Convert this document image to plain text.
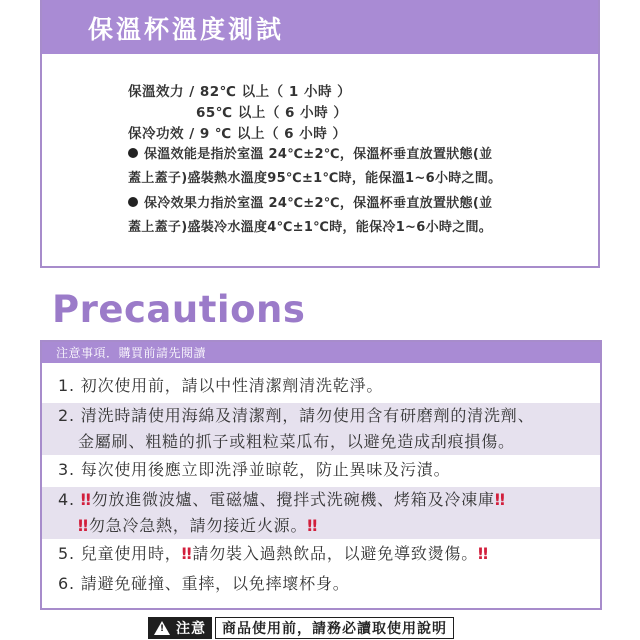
保溫杯溫度測試
保溫效力 / 82℃ 以上（ 1 小時 ）
65℃ 以上（ 6 小時 ）
保冷功效 / 9 ℃ 以上（ 6 小時 ）
保溫效能是指於室溫 24℃±2℃，保溫杯垂直放置狀態(並
蓋上蓋子)盛裝熱水溫度95℃±1℃時，能保溫1~6小時之間。
保冷效果力指於室溫 24℃±2℃，保溫杯垂直放置狀態(並
蓋上蓋子)盛裝冷水溫度4℃±1℃時，能保冷1~6小時之間。
Precautions
注意事項．購買前請先閱讀
1. 初次使用前，請以中性清潔劑清洗乾淨。
2. 清洗時請使用海綿及清潔劑，請勿使用含有研磨劑的清洗劑、
金屬刷、粗糙的抓子或粗粒菜瓜布，以避免造成刮痕損傷。
3. 每次使用後應立即洗淨並晾乾，防止異味及污漬。
4. ‼勿放進微波爐、電磁爐、攪拌式洗碗機、烤箱及冷凍庫‼
‼勿急冷急熱，請勿接近火源。‼
5. 兒童使用時，‼請勿裝入過熱飲品，以避免導致燙傷。‼
6. 請避免碰撞、重摔，以免摔壞杯身。
! 注意	商品使用前，請務必讀取使用說明
